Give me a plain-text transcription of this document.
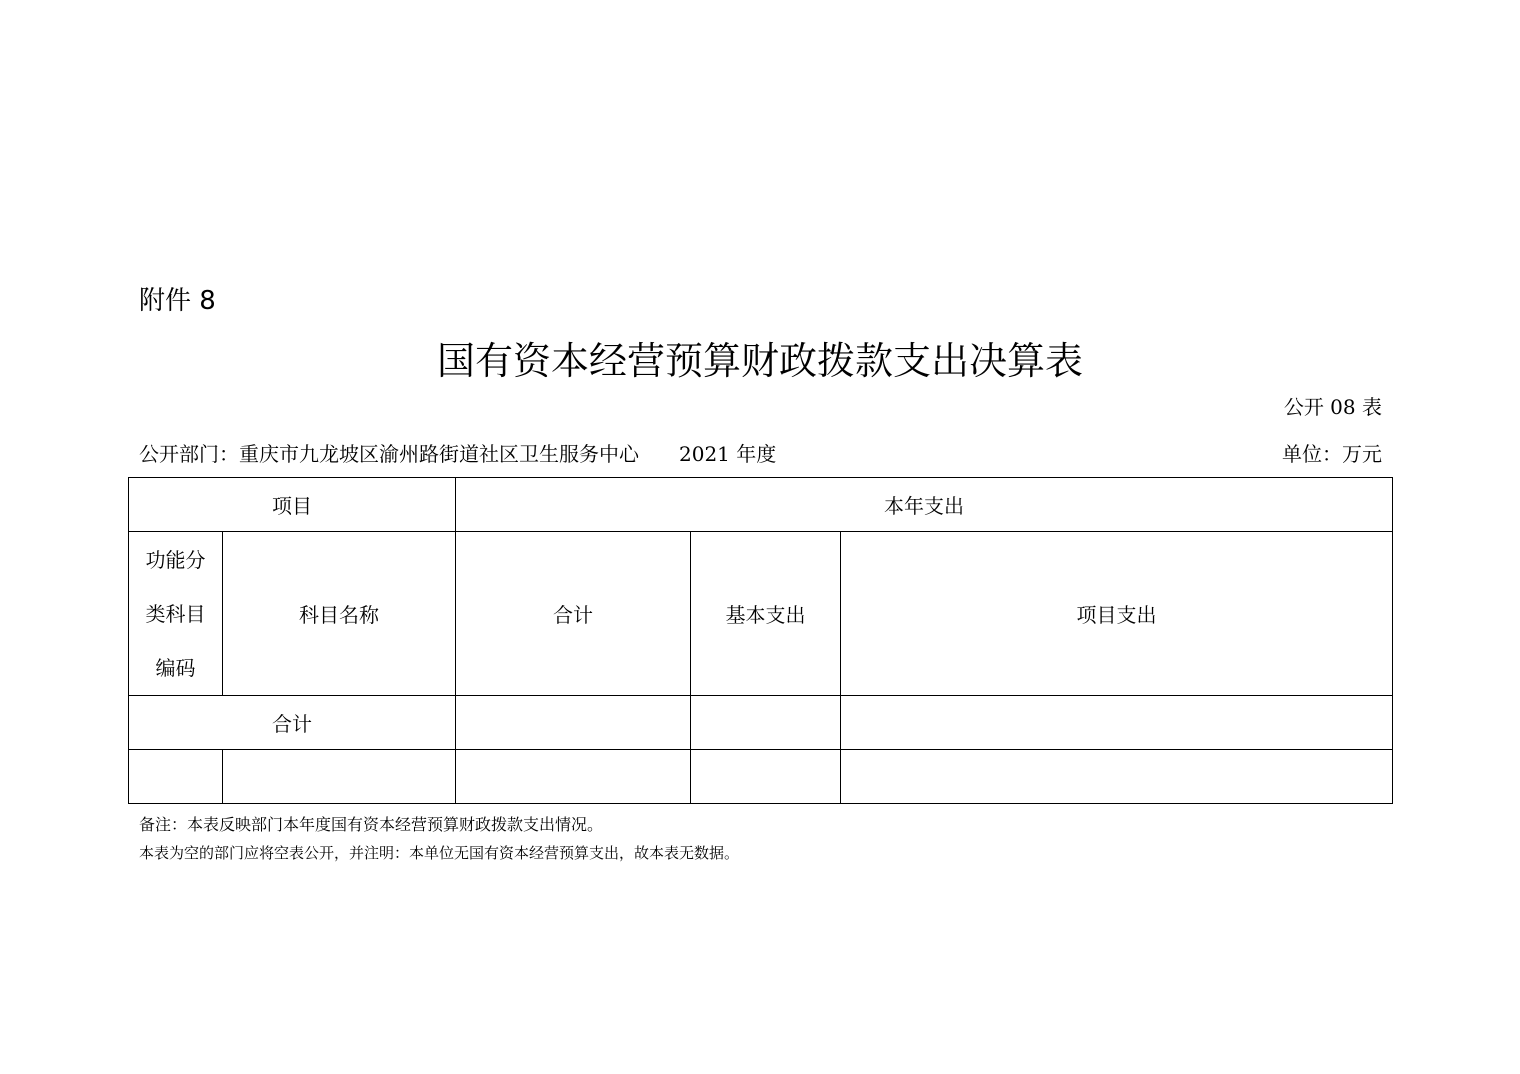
附件 8
国有资本经营预算财政拨款支出决算表
公开 08 表
公开部门：重庆市九龙坡区渝州路街道社区卫生服务中心 2021 年度	单位：万元
项目		本年支出		

功能分
类科目
编码	科目名称	合计	基本支出	项目支出
合计				

备注：本表反映部门本年度国有资本经营预算财政拨款支出情况。
本表为空的部门应将空表公开，并注明：本单位无国有资本经营预算支出，故本表无数据。
